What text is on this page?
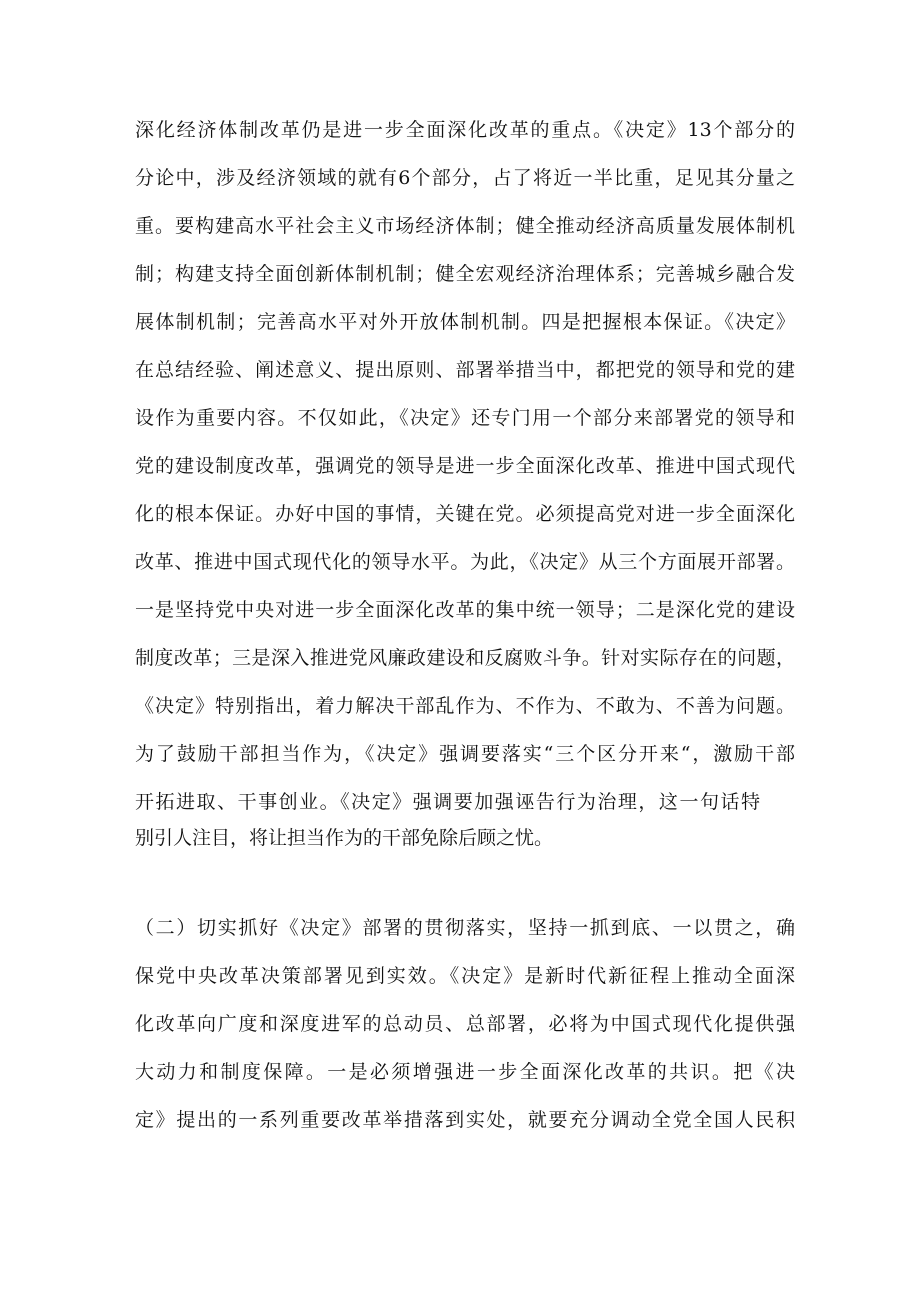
深化经济体制改革仍是进一步全面深化改革的重点。《决定》13个部分的
分论中，涉及经济领域的就有6个部分，占了将近一半比重，足见其分量之
重。要构建高水平社会主义市场经济体制；健全推动经济高质量发展体制机
制；构建支持全面创新体制机制；健全宏观经济治理体系；完善城乡融合发
展体制机制；完善高水平对外开放体制机制。四是把握根本保证。《决定》
在总结经验、阐述意义、提出原则、部署举措当中，都把党的领导和党的建
设作为重要内容。不仅如此，《决定》还专门用一个部分来部署党的领导和
党的建设制度改革，强调党的领导是进一步全面深化改革、推进中国式现代
化的根本保证。办好中国的事情，关键在党。必须提高党对进一步全面深化
改革、推进中国式现代化的领导水平。为此，《决定》从三个方面展开部署。
一是坚持党中央对进一步全面深化改革的集中统一领导；二是深化党的建设
制度改革；三是深入推进党风廉政建设和反腐败斗争。针对实际存在的问题，
《决定》特别指出，着力解决干部乱作为、不作为、不敢为、不善为问题。
为了鼓励干部担当作为，《决定》强调要落实“三个区分开来“，激励干部
开拓进取、干事创业。《决定》强调要加强诬告行为治理，这一句话特
别引人注目，将让担当作为的干部免除后顾之忧。
（二）切实抓好《决定》部署的贯彻落实，坚持一抓到底、一以贯之，确
保党中央改革决策部署见到实效。《决定》是新时代新征程上推动全面深
化改革向广度和深度进军的总动员、总部署，必将为中国式现代化提供强
大动力和制度保障。一是必须增强进一步全面深化改革的共识。把《决
定》提出的一系列重要改革举措落到实处，就要充分调动全党全国人民积
